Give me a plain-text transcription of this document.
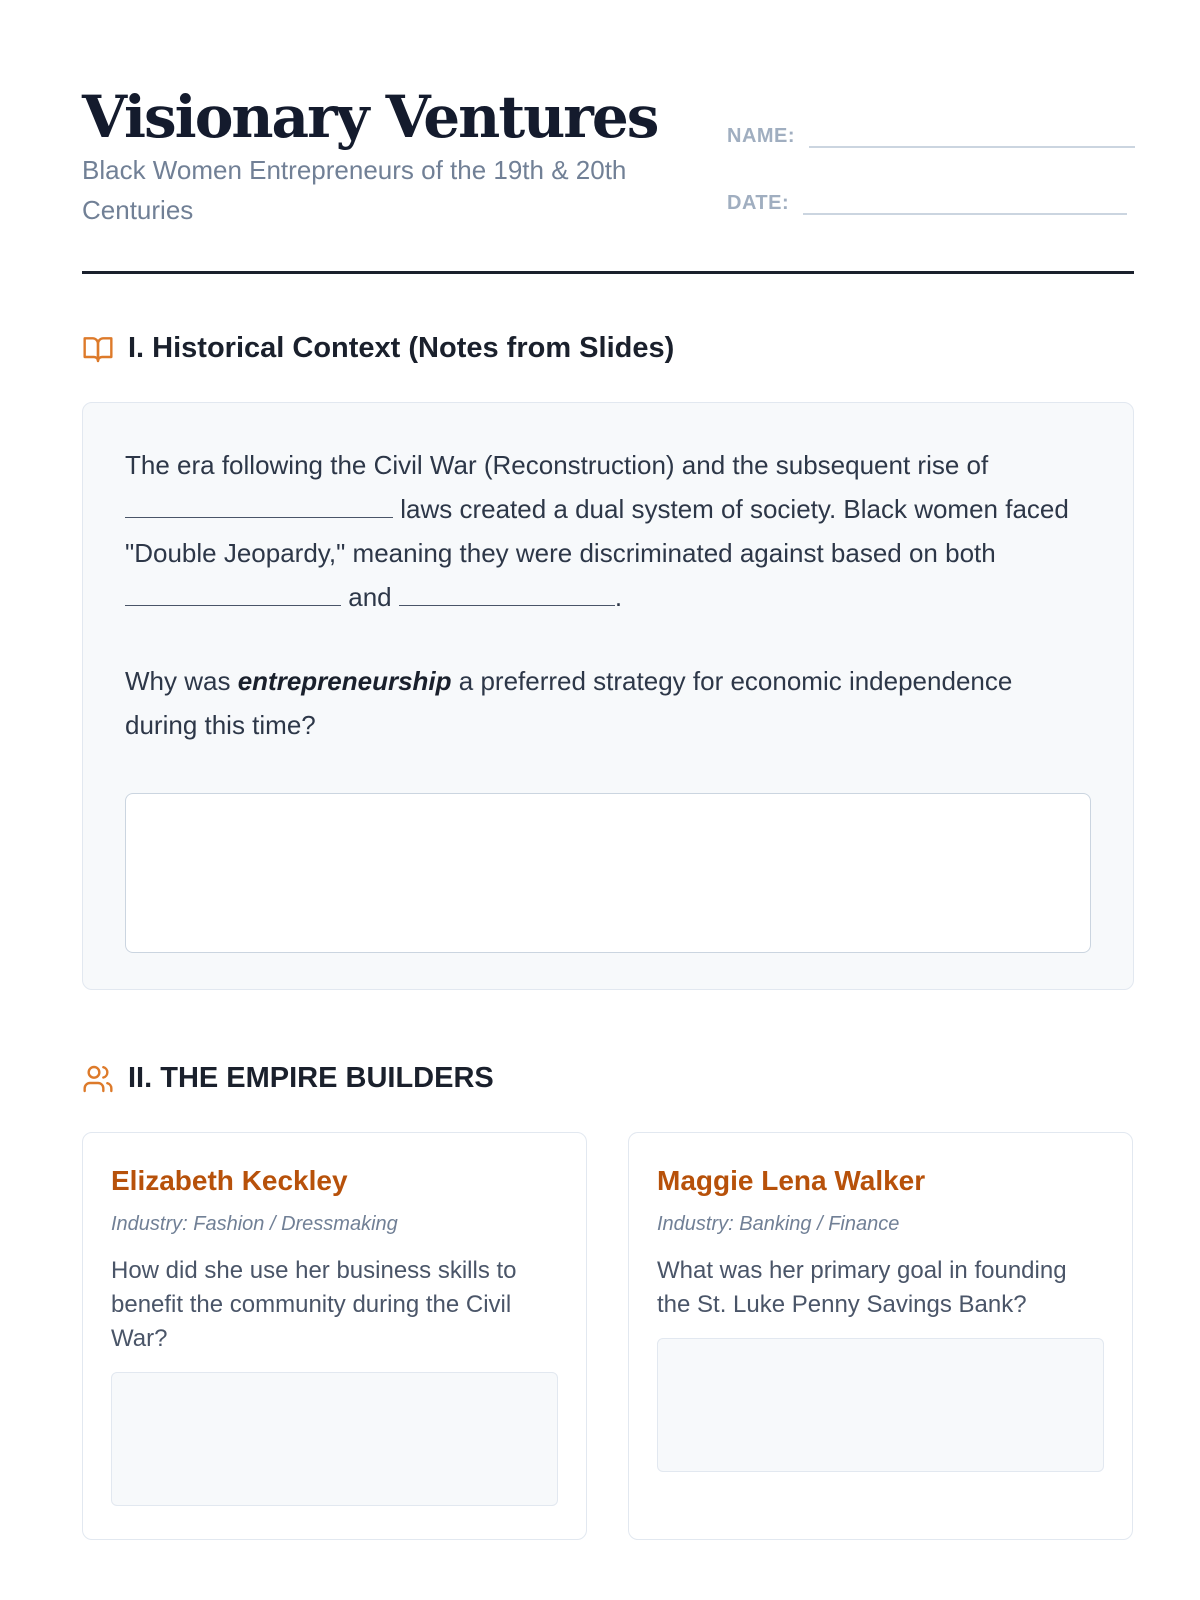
Visionary Ventures
Black Women Entrepreneurs of the 19th & 20th Centuries
NAME:
DATE:
I. Historical Context (Notes from Slides)

The era following the Civil War (Reconstruction) and the subsequent rise of
laws created a dual system of society. Black women faced "Double Jeopardy," meaning they were discriminated against based on both  and	.

Why was entrepreneurship a preferred strategy for economic independence during this time?

II. THE EMPIRE BUILDERS
Elizabeth Keckley
Industry: Fashion / Dressmaking
How did she use her business skills to benefit the community during the Civil War?
Maggie Lena Walker
Industry: Banking / Finance
What was her primary goal in founding the St. Luke Penny Savings Bank?
